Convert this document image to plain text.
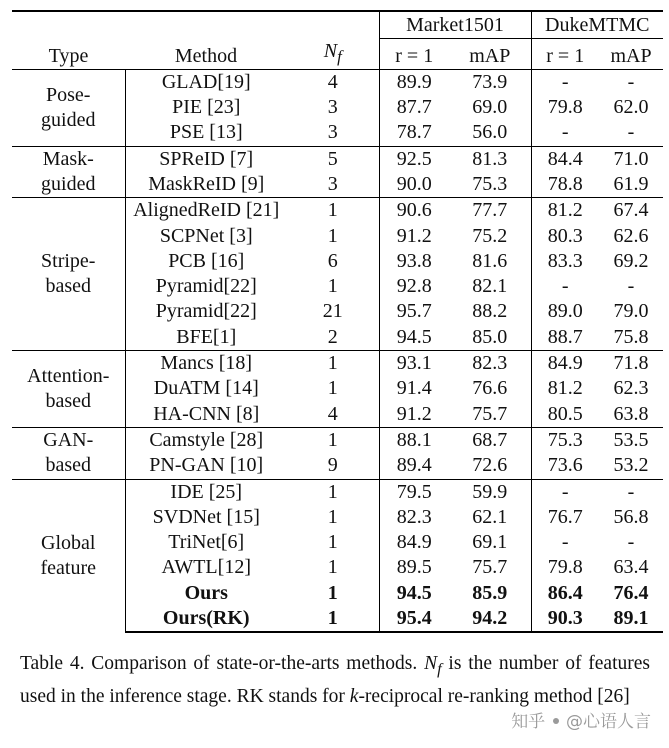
			Market1501		DukeMTMC	
Type	Method	$N_f$	r = 1	mAP	r = 1	mAP

Pose-
guided	GLAD[19]	4	89.9	73.9	-	-
	PIE [23]	3	87.7	69.0	79.8	62.0
	PSE [13]	3	78.7	56.0	-	-

Mask-
guided	SPReID [7]	5	92.5	81.3	84.4	71.0
	MaskReID [9]	3	90.0	75.3	78.8	61.9

Stripe-
based	AlignedReID [21]	1	90.6	77.7	81.2	67.4
	SCPNet [3]	1	91.2	75.2	80.3	62.6
	PCB [16]	6	93.8	81.6	83.3	69.2
	Pyramid[22]	1	92.8	82.1	-	-
	Pyramid[22]	21	95.7	88.2	89.0	79.0
	BFE[1]	2	94.5	85.0	88.7	75.8

Attention-
based	Mancs [18]	1	93.1	82.3	84.9	71.8
	DuATM [14]	1	91.4	76.6	81.2	62.3
	HA-CNN [8]	4	91.2	75.7	80.5	63.8

GAN-
based	Camstyle [28]	1	88.1	68.7	75.3	53.5
	PN-GAN [10]	9	89.4	72.6	73.6	53.2

Global
feature	IDE [25]	1	79.5	59.9	-	-
	SVDNet [15]	1	82.3	62.1	76.7	56.8
	TriNet[6]	1	84.9	69.1	-	-
	AWTL[12]	1	89.5	75.7	79.8	63.4
	Ours	1	94.5	85.9	86.4	76.4
	Ours(RK)	1	95.4	94.2	90.3	89.1
Table 4. Comparison of state-or-the-arts methods. $N_f$ is the number of features used in the inference stage. RK stands for k-reciprocal re-ranking method [26]
知乎 @心语人言
